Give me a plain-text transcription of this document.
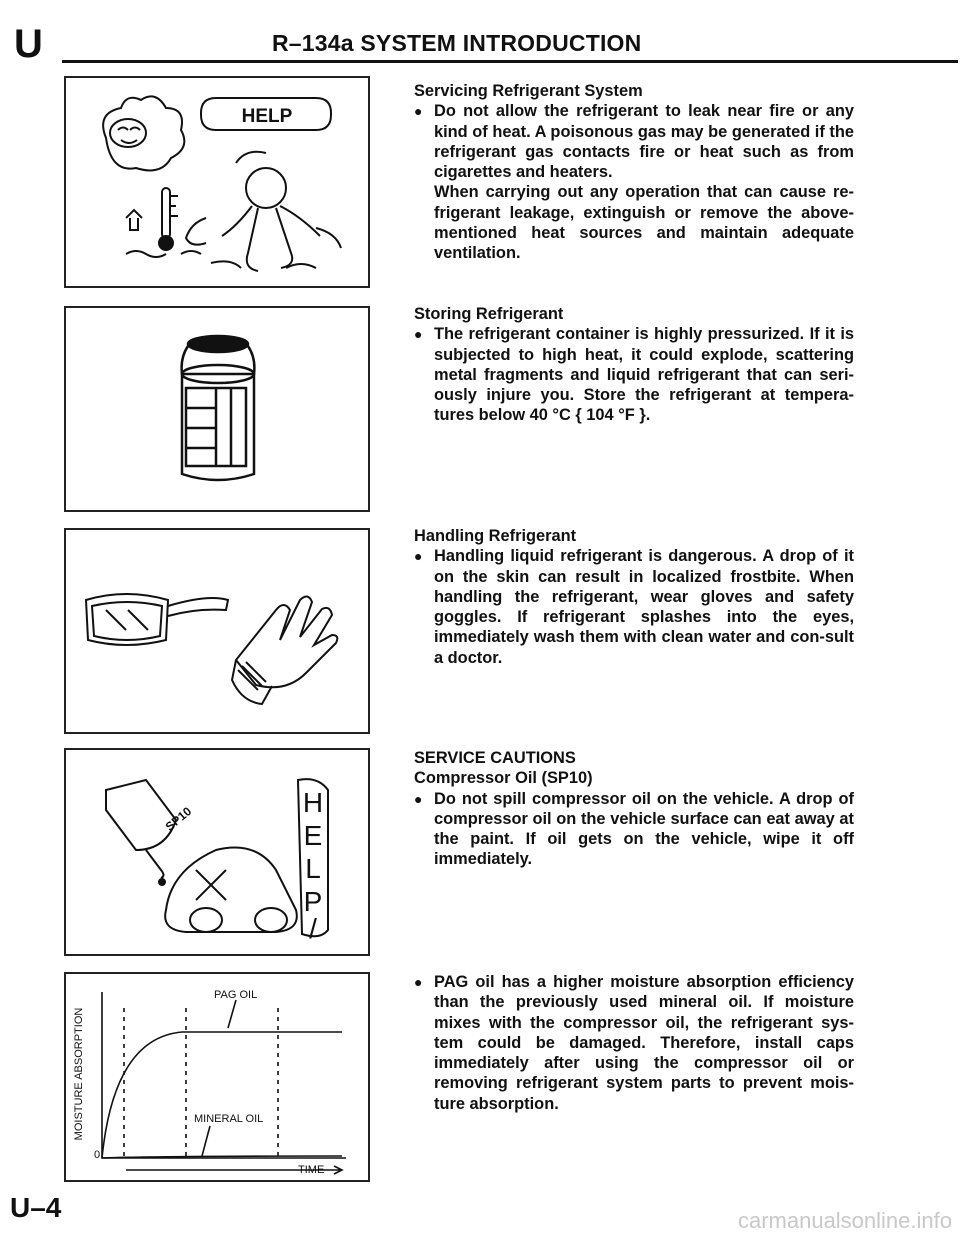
U	R–134a SYSTEM INTRODUCTION
HELP
SP10
H
E
L
P
/
MOISTURE ABSORPTION
TIME
0
PAG OIL
MINERAL OIL
Servicing Refrigerant System
● Do not allow the refrigerant to leak near fire or any kind of heat. A poisonous gas may be generated if the refrigerant gas contacts fire or heat such as from cigarettes and heaters.
When carrying out any operation that can cause re-frigerant leakage, extinguish or remove the above-mentioned heat sources and maintain adequate ventilation.
Storing Refrigerant
● The refrigerant container is highly pressurized. If it is subjected to high heat, it could explode, scattering metal fragments and liquid refrigerant that can seri-ously injure you. Store the refrigerant at tempera-tures below 40 °C { 104 °F }.
Handling Refrigerant
● Handling liquid refrigerant is dangerous. A drop of it on the skin can result in localized frostbite. When handling the refrigerant, wear gloves and safety goggles. If refrigerant splashes into the eyes, immediately wash them with clean water and con-sult a doctor.
SERVICE CAUTIONS
Compressor Oil (SP10)
● Do not spill compressor oil on the vehicle. A drop of compressor oil on the vehicle surface can eat away at the paint. If oil gets on the vehicle, wipe it off immediately.
● PAG oil has a higher moisture absorption efficiency than the previously used mineral oil. If moisture mixes with the compressor oil, the refrigerant sys-tem could be damaged. Therefore, install caps immediately after using the compressor oil or removing refrigerant system parts to prevent mois-ture absorption.
U–4	carmanualsonline.info
